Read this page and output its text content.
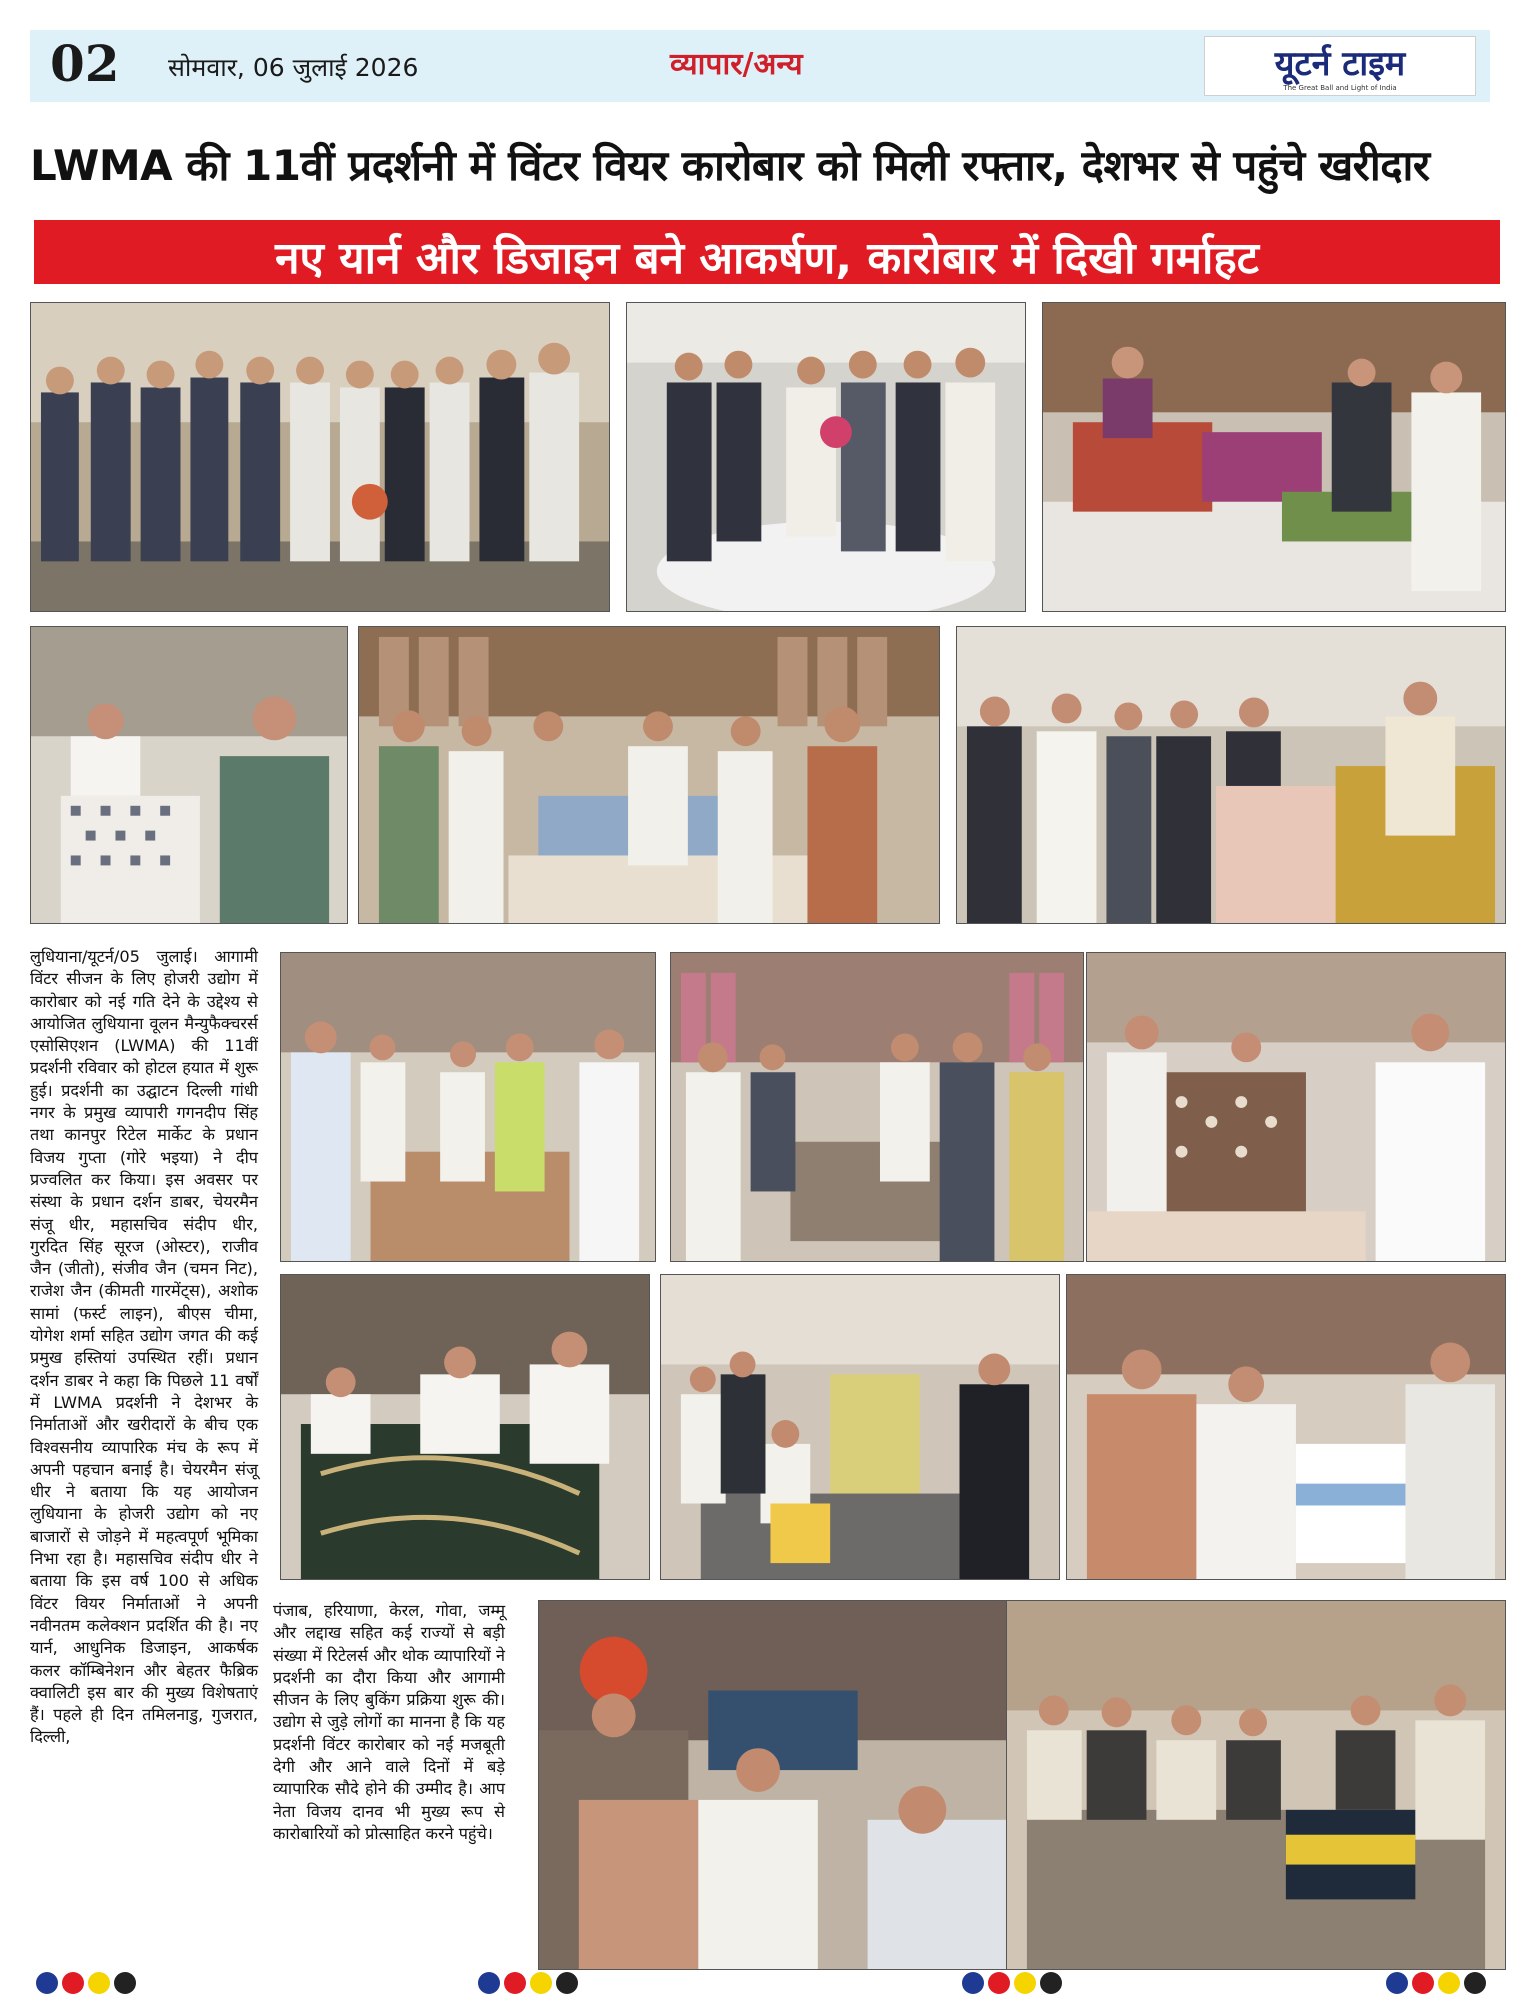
02 सोमवार, 06 जुलाई 2026	व्यापार/अन्य	यूटर्न टाइम
The Great Ball and Light of India
LWMA की 11वीं प्रदर्शनी में विंटर वियर कारोबार को मिली रफ्तार, देशभर से पहुंचे खरीदार
नए यार्न और डिजाइन बने आकर्षण, कारोबार में दिखी गर्माहट
लुधियाना/यूटर्न/05 जुलाई। आगामी विंटर सीजन के लिए होजरी उद्योग में कारोबार को नई गति देने के उद्देश्य से आयोजित लुधियाना वूलन मैन्युफैक्चरर्स एसोसिएशन (LWMA) की 11वीं प्रदर्शनी रविवार को होटल हयात में शुरू हुई। प्रदर्शनी का उद्घाटन दिल्ली गांधी नगर के प्रमुख व्यापारी गगनदीप सिंह तथा कानपुर रिटेल मार्केट के प्रधान विजय गुप्ता (गोरे भइया) ने दीप प्रज्वलित कर किया। इस अवसर पर संस्था के प्रधान दर्शन डाबर, चेयरमैन संजू धीर, महासचिव संदीप धीर, गुरदित सिंह सूरज (ओस्टर), राजीव जैन (जीतो), संजीव जैन (चमन निट), राजेश जैन (कीमती गारमेंट्स), अशोक सामां (फर्स्ट लाइन), बीएस चीमा, योगेश शर्मा सहित उद्योग जगत की कई प्रमुख हस्तियां उपस्थित रहीं। प्रधान दर्शन डाबर ने कहा कि पिछले 11 वर्षों में LWMA प्रदर्शनी ने देशभर के निर्माताओं और खरीदारों के बीच एक विश्वसनीय व्यापारिक मंच के रूप में अपनी पहचान बनाई है। चेयरमैन संजू धीर ने बताया कि यह आयोजन लुधियाना के होजरी उद्योग को नए बाजारों से जोड़ने में महत्वपूर्ण भूमिका निभा रहा है। महासचिव संदीप धीर ने बताया कि इस वर्ष 100 से अधिक विंटर वियर निर्माताओं ने अपनी नवीनतम कलेक्शन प्रदर्शित की है। नए यार्न, आधुनिक डिजाइन, आकर्षक कलर कॉम्बिनेशन और बेहतर फैब्रिक क्वालिटी इस बार की मुख्य विशेषताएं हैं। पहले ही दिन तमिलनाडु, गुजरात, दिल्ली,
पंजाब, हरियाणा, केरल, गोवा, जम्मू और लद्दाख सहित कई राज्यों से बड़ी संख्या में रिटेलर्स और थोक व्यापारियों ने प्रदर्शनी का दौरा किया और आगामी सीजन के लिए बुकिंग प्रक्रिया शुरू की। उद्योग से जुड़े लोगों का मानना है कि यह प्रदर्शनी विंटर कारोबार को नई मजबूती देगी और आने वाले दिनों में बड़े व्यापारिक सौदे होने की उम्मीद है। आप नेता विजय दानव भी मुख्य रूप से कारोबारियों को प्रोत्साहित करने पहुंचे।
